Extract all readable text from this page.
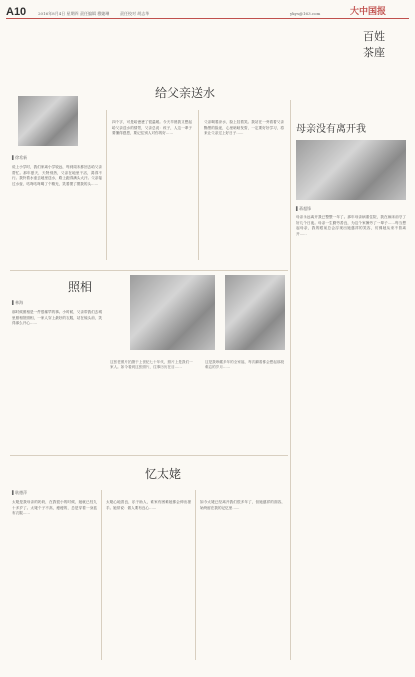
A10	2016年8月4日 星期四 责任编辑 穆婕琳	责任校对 胡志华	ykys@163.com	大中国报
百姓
茶座
给父亲送水
▌徐希新
说上小学时，我们家离小学较远，每到周末都回去给父亲帮忙。那年夏天，天特别热，父亲在地里干活，渴得不行。我拎着水壶去地里送水，路上跑得满头大汗。父亲接过水壶，咕咚咕咚喝了个精光，笑着摸了摸我的头……
四个字，可是给爸爸了很温暖。今天早晨我又想起给父亲送水的情景，父亲总说：孩子，人这一辈子要懂得感恩，要记住别人对你的好……
父亲喝着凉水，脸上挂着笑。我站在一旁看着父亲黝黑的脸庞，心里暗暗发誓，一定要好好学习，将来让父亲过上好日子……	母亲没有离开我
▌蒋超锋
母亲永远离开我已整整一年了。那年母亲病重住院，我在病床前守了好几个日夜。母亲一生勤劳善良，为这个家操劳了一辈子……每当想起母亲，我的眼前总会浮现出她慈祥的笑容，仿佛她从来不曾离开……
照相
▌林海
那时候照相是一件很稀罕的事。小时候，父亲带我们去城里照相馆照相，一家人穿上最好的衣服，站在镜头前，笑得那么开心……
这张老照片拍摄于上世纪七十年代，照片上是我们一家人。如今看到这张照片，往事历历在目……
这是我珍藏多年的全家福，每次翻看都会想起那段难忘的岁月……
忆太姥
▌耿德萍
太姥是我母亲的奶奶，在我很小的时候，她就已经九十多岁了。太姥个子不高，瘦瘦的，总是穿着一身蓝布衣服……
太姥心地善良，乐于助人，谁家有困难她都会伸出援手。她常说：做人要有良心……
如今太姥已经离开我们很多年了，但她慈祥的面容，始终留在我的记忆里……
